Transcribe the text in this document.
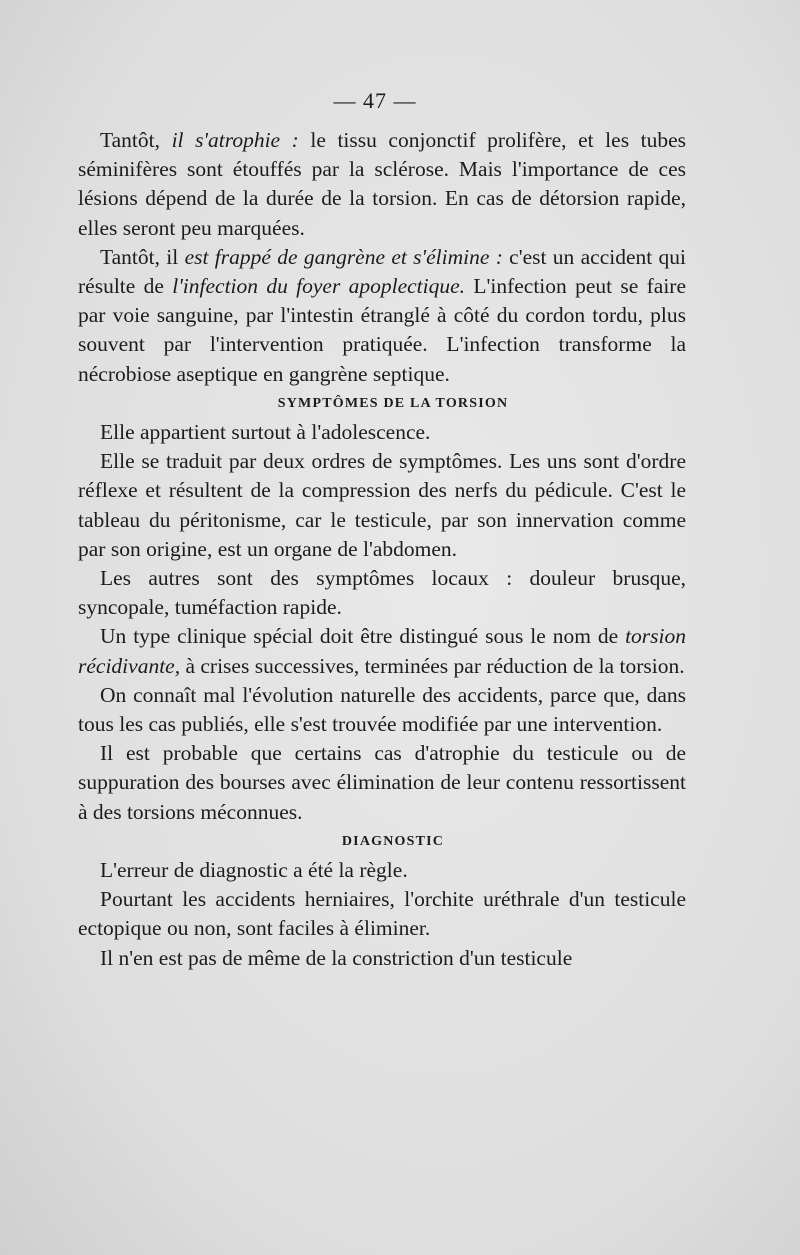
— 47 —

Tantôt, il s'atrophie : le tissu conjonctif prolifère, et les tubes séminifères sont étouffés par la sclérose. Mais l'importance de ces lésions dépend de la durée de la torsion. En cas de détorsion rapide, elles seront peu marquées.

Tantôt, il est frappé de gangrène et s'élimine : c'est un accident qui résulte de l'infection du foyer apoplectique. L'infection peut se faire par voie sanguine, par l'intestin étranglé à côté du cordon tordu, plus souvent par l'intervention pratiquée. L'infection transforme la nécrobiose aseptique en gangrène septique.

SYMPTÔMES DE LA TORSION

Elle appartient surtout à l'adolescence.

Elle se traduit par deux ordres de symptômes. Les uns sont d'ordre réflexe et résultent de la compression des nerfs du pédicule. C'est le tableau du péritonisme, car le testicule, par son innervation comme par son origine, est un organe de l'abdomen.

Les autres sont des symptômes locaux : douleur brusque, syncopale, tuméfaction rapide.

Un type clinique spécial doit être distingué sous le nom de torsion récidivante, à crises successives, terminées par réduction de la torsion.

On connaît mal l'évolution naturelle des accidents, parce que, dans tous les cas publiés, elle s'est trouvée modifiée par une intervention.

Il est probable que certains cas d'atrophie du testicule ou de suppuration des bourses avec élimination de leur contenu ressortissent à des torsions méconnues.

DIAGNOSTIC

L'erreur de diagnostic a été la règle.

Pourtant les accidents herniaires, l'orchite uréthrale d'un testicule ectopique ou non, sont faciles à éliminer.

Il n'en est pas de même de la constriction d'un testicule
